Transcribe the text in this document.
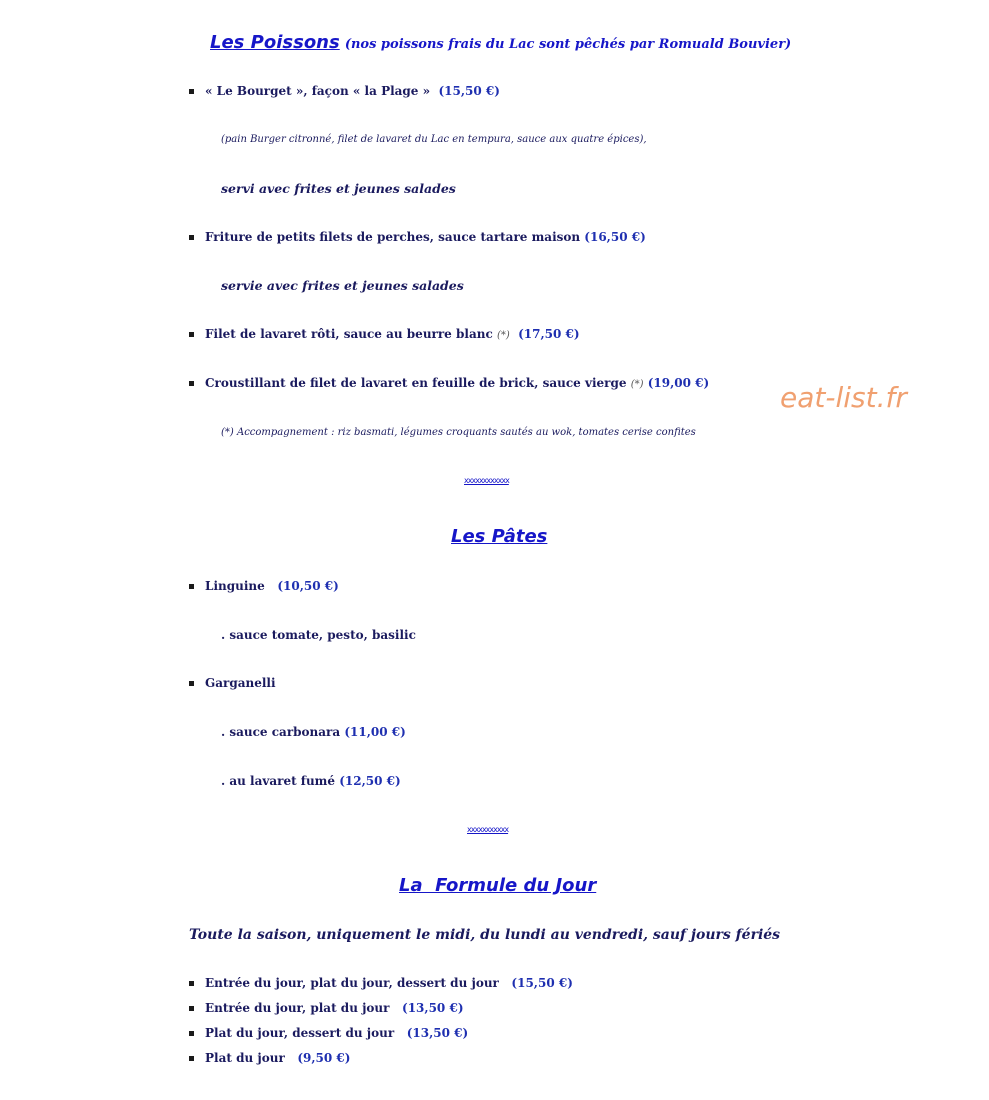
Les Poissons (nos poissons frais du Lac sont pêchés par Romuald Bouvier)
« Le Bourget », façon « la Plage » (15,50 €)
(pain Burger citronné, filet de lavaret du Lac en tempura, sauce aux quatre épices),
servi avec frites et jeunes salades
Friture de petits filets de perches, sauce tartare maison (16,50 €)
servie avec frites et jeunes salades
Filet de lavaret rôti, sauce au beurre blanc (*) (17,50 €)
Croustillant de filet de lavaret en feuille de brick, sauce vierge (*) (19,00 €)	eat-list.fr
(*) Accompagnement : riz basmati, légumes croquants sautés au wok, tomates cerise confites
xxxxxxxxxxxx
Les Pâtes
Linguine (10,50 €)
. sauce tomate, pesto, basilic
Garganelli
. sauce carbonara (11,00 €)
. au lavaret fumé (12,50 €)
xxxxxxxxxxx
La  Formule du Jour
Toute la saison, uniquement le midi, du lundi au vendredi, sauf jours fériés
Entrée du jour, plat du jour, dessert du jour (15,50 €)
Entrée du jour, plat du jour (13,50 €)
Plat du jour, dessert du jour (13,50 €)
Plat du jour (9,50 €)
